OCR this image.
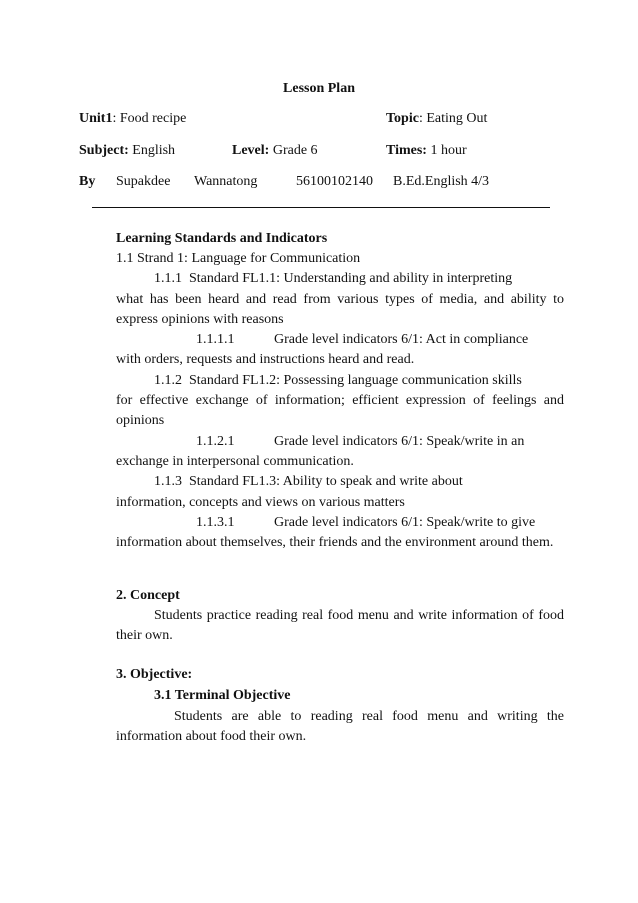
Lesson Plan
Unit1: Food recipe	Topic: Eating Out
Subject: English	Level: Grade 6	Times: 1 hour
By Supakdee Wannatong	56100102140 B.Ed.English 4/3
Learning Standards and Indicators
1.1 Strand 1: Language for Communication
1.1.1 Standard FL1.1: Understanding and ability in interpreting
what has been heard and read from various types of media, and ability to express opinions with reasons
1.1.1.1	Grade level indicators 6/1: Act in compliance
with orders, requests and instructions heard and read.
1.1.2 Standard FL1.2: Possessing language communication skills
for effective exchange of information; efficient expression of feelings and opinions
1.1.2.1	Grade level indicators 6/1: Speak/write in an
exchange in interpersonal communication.
1.1.3 Standard FL1.3: Ability to speak and write about
information, concepts and views on various matters
1.1.3.1	Grade level indicators 6/1: Speak/write to give
information about themselves, their friends and the environment around them.
2. Concept
Students practice reading real food menu and write information of food their own.
3. Objective:
3.1 Terminal Objective
Students are able to reading real food menu and writing the information about food their own.
